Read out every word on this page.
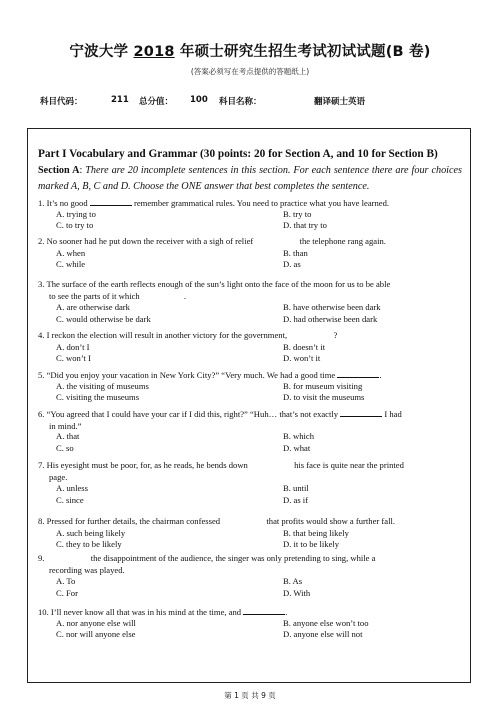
宁波大学 2018 年硕士研究生招生考试初试试题(B 卷)
(答案必须写在考点提供的答题纸上)
科目代码：	211 总分值： 100 科目名称：	翻译硕士英语
Part I Vocabulary and Grammar (30 points: 20 for Section A, and 10 for Section B)
Section A: There are 20 incomplete sentences in this section. For each sentence there are four choices marked A, B, C and D. Choose the ONE answer that best completes the sentence.
1. It’s no good	remember grammatical rules. You need to practice what you have learned.
A. trying to	B. try to
C. to try to	D. that try to
2. No sooner had he put down the receiver with a sigh of relief	the telephone rang again.
A. when	B. than
C. while	D. as
3. The surface of the earth reflects enough of the sun’s light onto the face of the moon for us to be able
to see the parts of it which	.
A. are otherwise dark	B. have otherwise been dark
C. would otherwise be dark	D. had otherwise been dark
4. I reckon the election will result in another victory for the government,	?
A. don’t I	B. doesn’t it
C. won’t I	D. won’t it
5. “Did you enjoy your vacation in New York City?” “Very much. We had a good time	.
A. the visiting of museums	B. for museum visiting
C. visiting the museums	D. to visit the museums
6. “You agreed that I could have your car if I did this, right?” “Huh… that’s not exactly	I had
in mind.”
A. that	B. which
C. so	D. what
7. His eyesight must be poor, for, as he reads, he bends down	his face is quite near the printed
page.
A. unless	B. until
C. since	D. as if
8. Pressed for further details, the chairman confessed	that profits would show a further fall.
A. such being likely	B. that being likely
C. they to be likely	D. it to be likely
9.	the disappointment of the audience, the singer was only pretending to sing, while a
recording was played.
A. To	B. As
C. For	D. With
10. I’ll never know all that was in his mind at the time, and	.
A. nor anyone else will	B. anyone else won’t too
C. nor will anyone else	D. anyone else will not
第 1 页 共 9 页
